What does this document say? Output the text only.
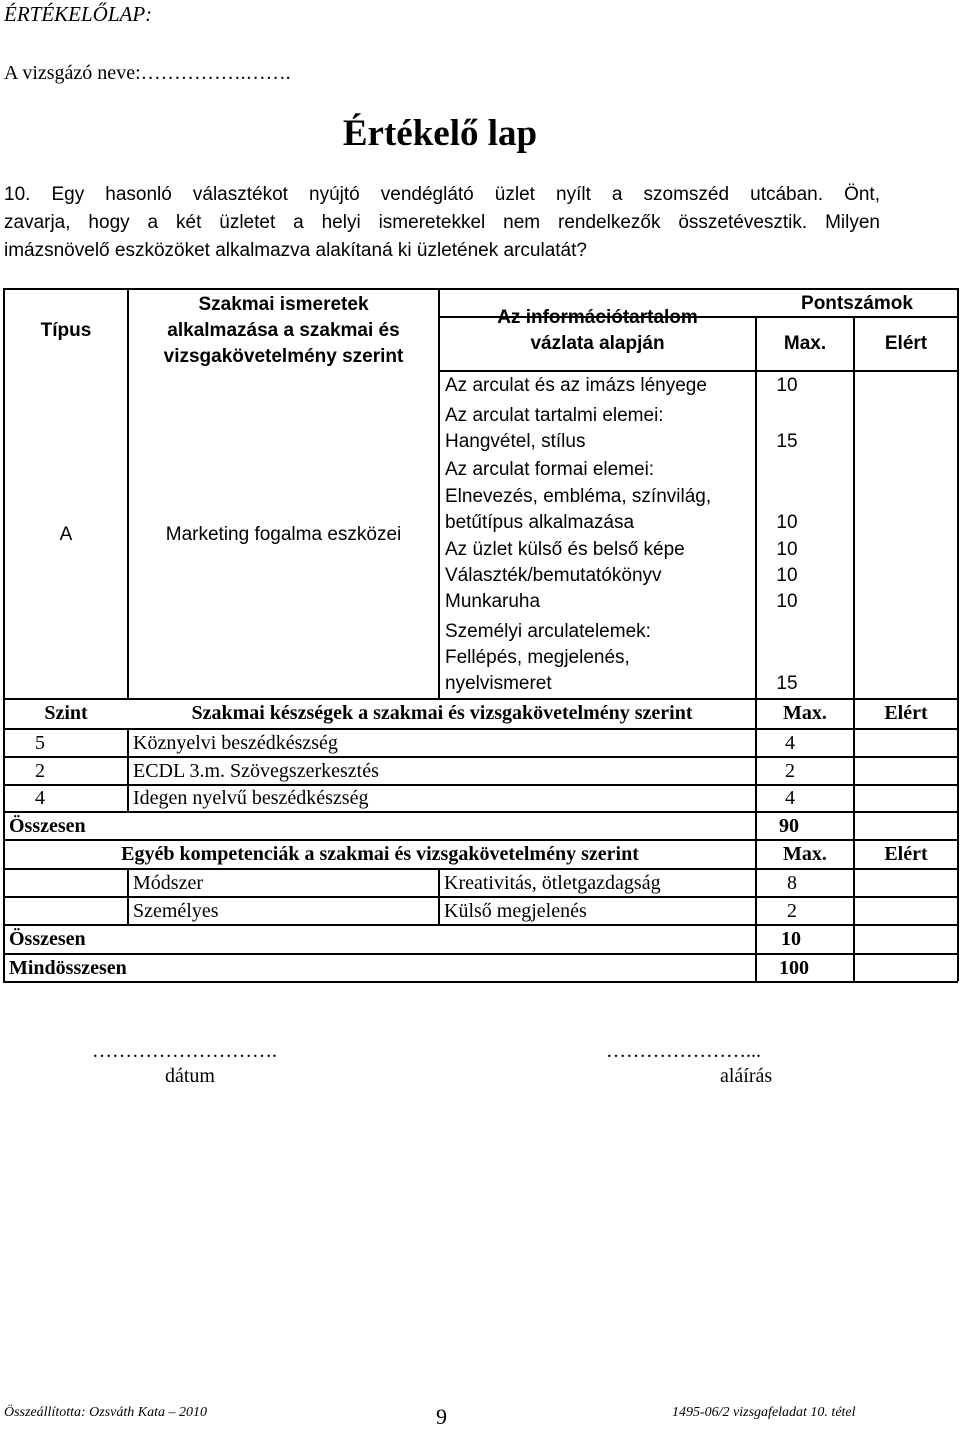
ÉRTÉKELŐLAP:
A vizsgázó neve:…………….…….
Értékelő lap
10. Egy hasonló választékot nyújtó vendéglátó üzlet nyílt a szomszéd utcában. Önt,
zavarja, hogy a két üzletet a helyi ismeretekkel nem rendelkezők összetévesztik. Milyen
imázsnövelő eszközöket alkalmazva alakítaná ki üzletének arculatát?
Típus
Szakmai ismeretek
alkalmazása a szakmai és
vizsgakövetelmény szerint
Az információtartalom
vázlata alapján
Pontszámok
Max.	Elért
A	Marketing fogalma eszközei
Az arculat és az imázs lényege	10
Az arculat tartalmi elemei:
Hangvétel, stílus	15
Az arculat formai elemei:
Elnevezés, embléma, színvilág,
betűtípus alkalmazása	10
Az üzlet külső és belső képe	10
Választék/bemutatókönyv	10
Munkaruha	10
Személyi arculatelemek:
Fellépés, megjelenés,
nyelvismeret	15
Szint	Szakmai készségek a szakmai és vizsgakövetelmény szerint	Max.	Elért
5	Köznyelvi beszédkészség	4
2	ECDL 3.m. Szövegszerkesztés	2
4	Idegen nyelvű beszédkészség	4
Összesen	90
Egyéb kompetenciák a szakmai és vizsgakövetelmény szerint	Max.	Elért
Módszer	Kreativitás, ötletgazdagság	8
Személyes	Külső megjelenés	2
Összesen	10
Mindösszesen	100
……………………….
dátum
…………………...
aláírás
Összeállította: Ozsváth Kata – 2010	9	1495-06/2 vizsgafeladat 10. tétel
